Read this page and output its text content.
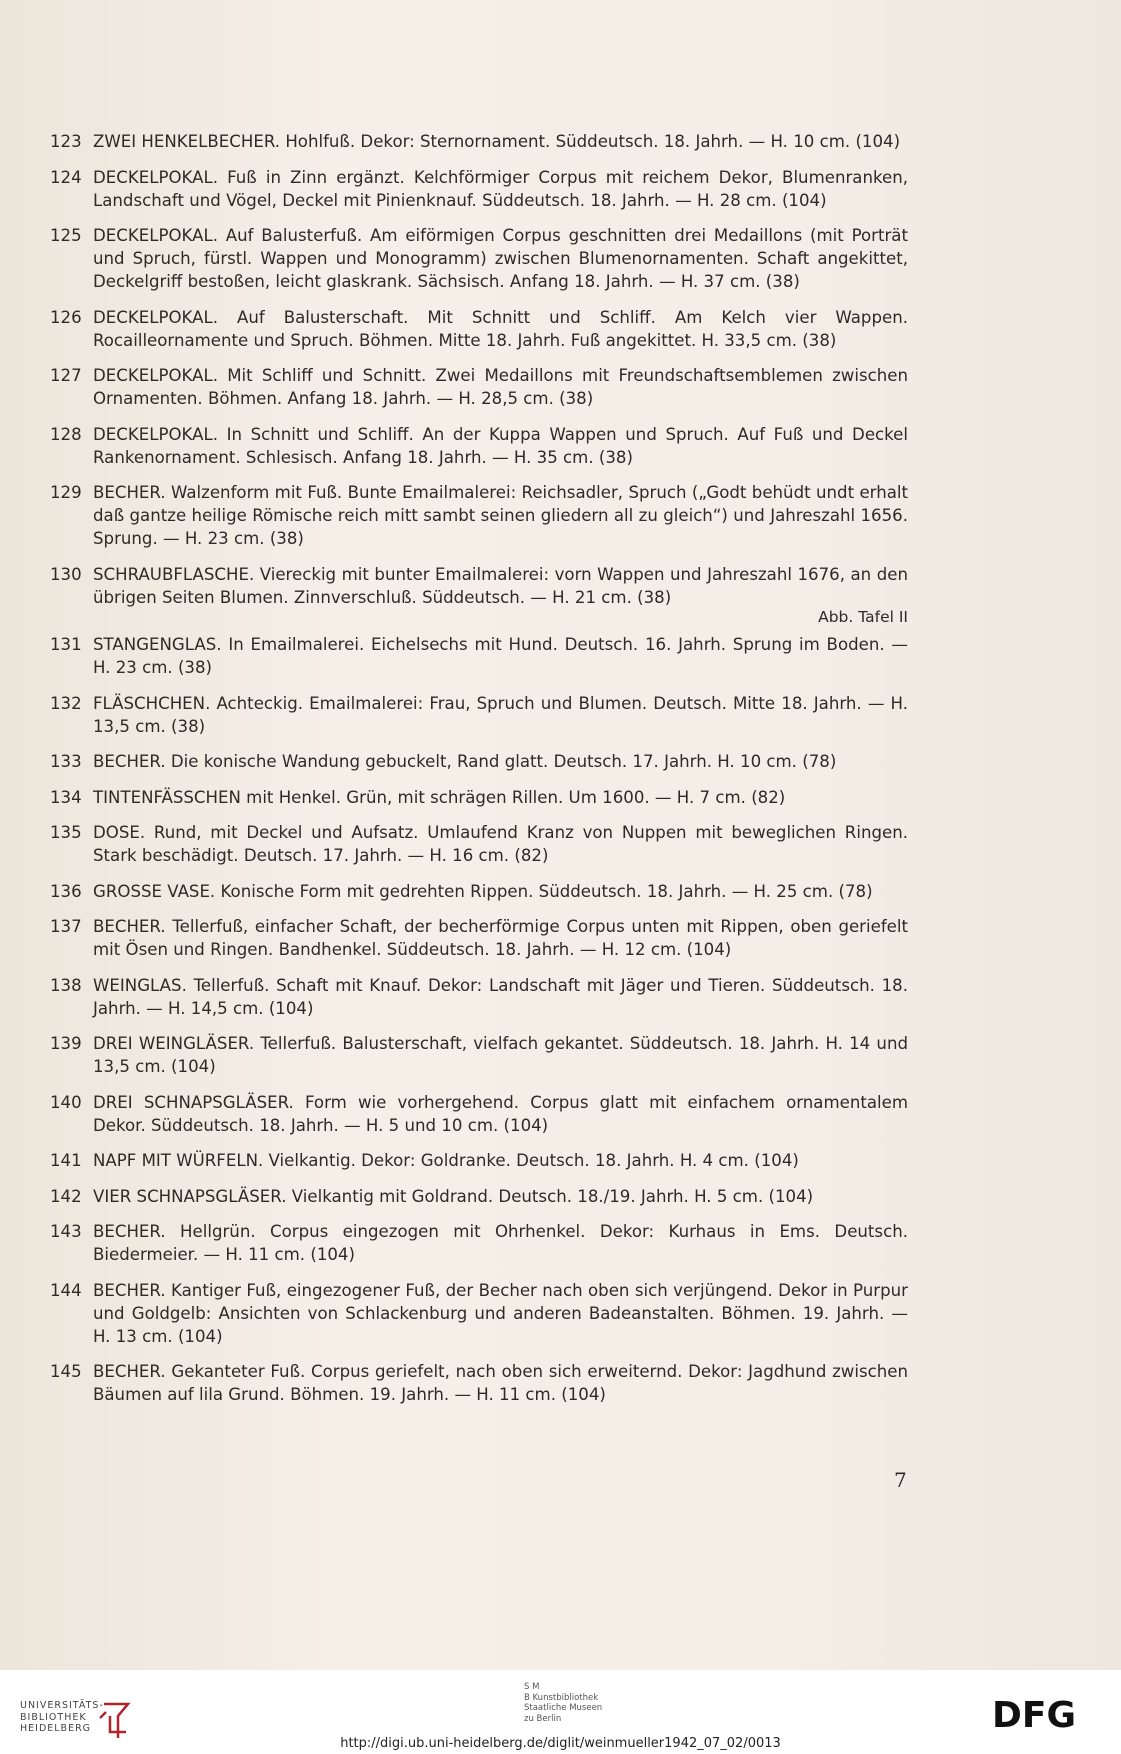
123 ZWEI HENKELBECHER. Hohlfuß. Dekor: Sternornament. Süddeutsch. 18. Jahrh. — H. 10 cm. (104)
124 DECKELPOKAL. Fuß in Zinn ergänzt. Kelchförmiger Corpus mit reichem Dekor, Blumenranken, Landschaft und Vögel, Deckel mit Pinienknauf. Süddeutsch. 18. Jahrh. — H. 28 cm. (104)
125 DECKELPOKAL. Auf Balusterfuß. Am eiförmigen Corpus geschnitten drei Medaillons (mit Porträt und Spruch, fürstl. Wappen und Monogramm) zwischen Blumenornamenten. Schaft angekittet, Deckelgriff bestoßen, leicht glaskrank. Sächsisch. Anfang 18. Jahrh. — H. 37 cm. (38)
126 DECKELPOKAL. Auf Balusterschaft. Mit Schnitt und Schliff. Am Kelch vier Wappen. Rocailleornamente und Spruch. Böhmen. Mitte 18. Jahrh. Fuß angekittet. H. 33,5 cm. (38)
127 DECKELPOKAL. Mit Schliff und Schnitt. Zwei Medaillons mit Freundschaftsemblemen zwischen Ornamenten. Böhmen. Anfang 18. Jahrh. — H. 28,5 cm. (38)
128 DECKELPOKAL. In Schnitt und Schliff. An der Kuppa Wappen und Spruch. Auf Fuß und Deckel Rankenornament. Schlesisch. Anfang 18. Jahrh. — H. 35 cm. (38)
129 BECHER. Walzenform mit Fuß. Bunte Emailmalerei: Reichsadler, Spruch („Godt behüdt undt erhalt daß gantze heilige Römische reich mitt sambt seinen gliedern all zu gleich“) und Jahreszahl 1656. Sprung. — H. 23 cm. (38)
130 SCHRAUBFLASCHE. Viereckig mit bunter Emailmalerei: vorn Wappen und Jahreszahl 1676, an den übrigen Seiten Blumen. Zinnverschluß. Süddeutsch. — H. 21 cm. (38)
Abb. Tafel II
131 STANGENGLAS. In Emailmalerei. Eichelsechs mit Hund. Deutsch. 16. Jahrh. Sprung im Boden. — H. 23 cm. (38)
132 FLÄSCHCHEN. Achteckig. Emailmalerei: Frau, Spruch und Blumen. Deutsch. Mitte 18. Jahrh. — H. 13,5 cm. (38)
133 BECHER. Die konische Wandung gebuckelt, Rand glatt. Deutsch. 17. Jahrh. H. 10 cm. (78)
134 TINTENFÄSSCHEN mit Henkel. Grün, mit schrägen Rillen. Um 1600. — H. 7 cm. (82)
135 DOSE. Rund, mit Deckel und Aufsatz. Umlaufend Kranz von Nuppen mit beweglichen Ringen. Stark beschädigt. Deutsch. 17. Jahrh. — H. 16 cm. (82)
136 GROSSE VASE. Konische Form mit gedrehten Rippen. Süddeutsch. 18. Jahrh. — H. 25 cm. (78)
137 BECHER. Tellerfuß, einfacher Schaft, der becherförmige Corpus unten mit Rippen, oben geriefelt mit Ösen und Ringen. Bandhenkel. Süddeutsch. 18. Jahrh. — H. 12 cm. (104)
138 WEINGLAS. Tellerfuß. Schaft mit Knauf. Dekor: Landschaft mit Jäger und Tieren. Süddeutsch. 18. Jahrh. — H. 14,5 cm. (104)
139 DREI WEINGLÄSER. Tellerfuß. Balusterschaft, vielfach gekantet. Süddeutsch. 18. Jahrh. H. 14 und 13,5 cm. (104)
140 DREI SCHNAPSGLÄSER. Form wie vorhergehend. Corpus glatt mit einfachem ornamentalem Dekor. Süddeutsch. 18. Jahrh. — H. 5 und 10 cm. (104)
141 NAPF MIT WÜRFELN. Vielkantig. Dekor: Goldranke. Deutsch. 18. Jahrh. H. 4 cm. (104)
142 VIER SCHNAPSGLÄSER. Vielkantig mit Goldrand. Deutsch. 18./19. Jahrh. H. 5 cm. (104)
143 BECHER. Hellgrün. Corpus eingezogen mit Ohrhenkel. Dekor: Kurhaus in Ems. Deutsch. Biedermeier. — H. 11 cm. (104)
144 BECHER. Kantiger Fuß, eingezogener Fuß, der Becher nach oben sich verjüngend. Dekor in Purpur und Goldgelb: Ansichten von Schlackenburg und anderen Badeanstalten. Böhmen. 19. Jahrh. — H. 13 cm. (104)
145 BECHER. Gekanteter Fuß. Corpus geriefelt, nach oben sich erweiternd. Dekor: Jagdhund zwischen Bäumen auf lila Grund. Böhmen. 19. Jahrh. — H. 11 cm. (104)
7
UNIVERSITÄTS-
BIBLIOTHEK
HEIDELBERG
S M
B Kunstbibliothek
Staatliche Museen
zu Berlin	DFG
http://digi.ub.uni-heidelberg.de/diglit/weinmueller1942_07_02/0013
